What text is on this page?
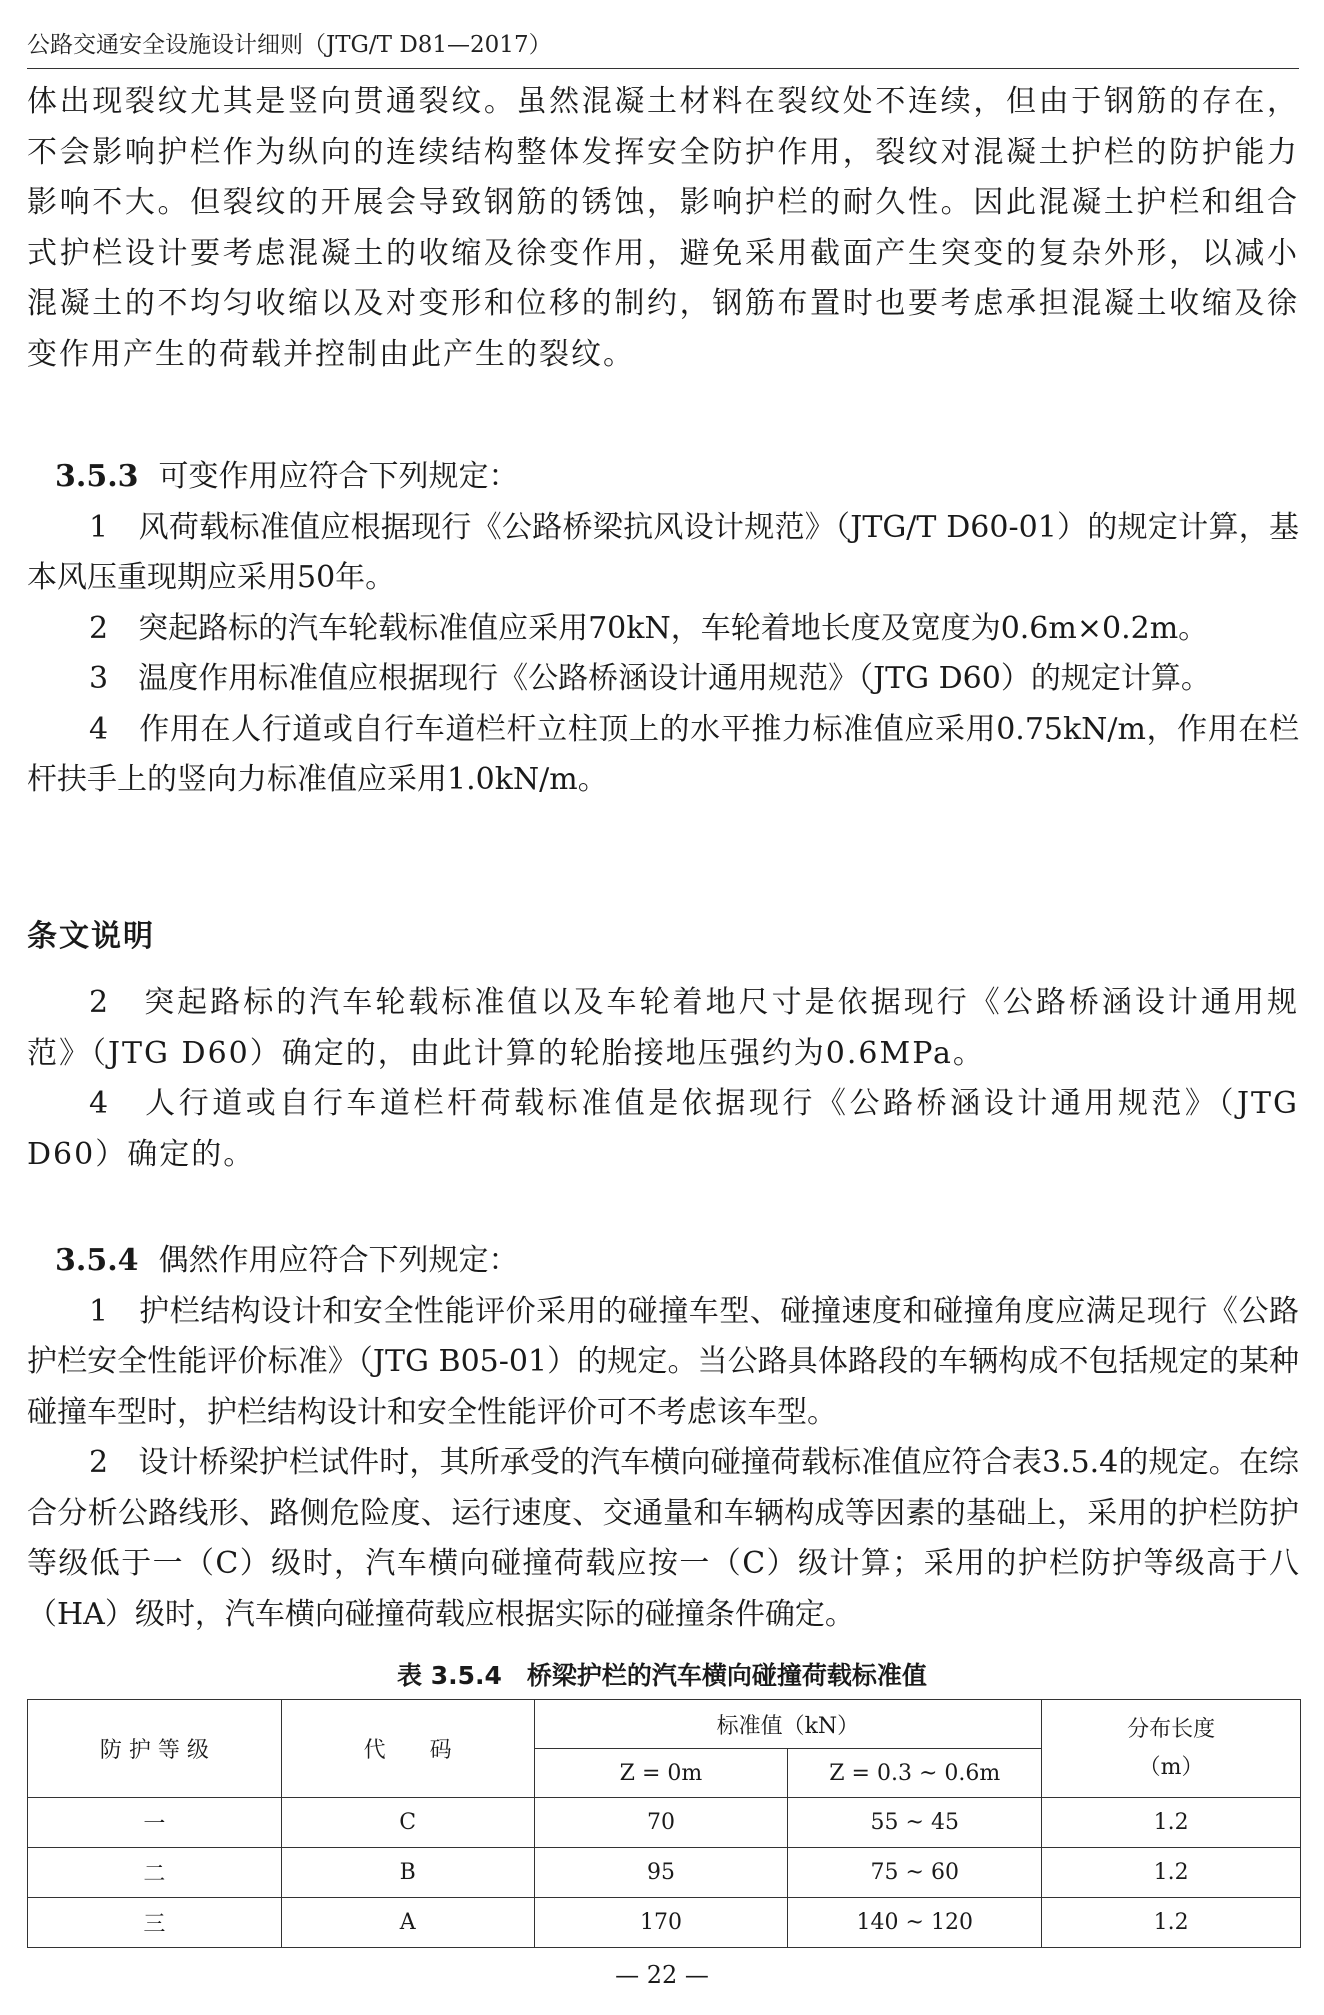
公路交通安全设施设计细则（JTG/T D81—2017）

体出现裂纹尤其是竖向贯通裂纹。虽然混凝土材料在裂纹处不连续，但由于钢筋的存在，不会影响护栏作为纵向的连续结构整体发挥安全防护作用，裂纹对混凝土护栏的防护能力影响不大。但裂纹的开展会导致钢筋的锈蚀，影响护栏的耐久性。因此混凝土护栏和组合式护栏设计要考虑混凝土的收缩及徐变作用，避免采用截面产生突变的复杂外形，以减小混凝土的不均匀收缩以及对变形和位移的制约，钢筋布置时也要考虑承担混凝土收缩及徐变作用产生的荷载并控制由此产生的裂纹。

3.5.3 可变作用应符合下列规定：

1　风荷载标准值应根据现行《公路桥梁抗风设计规范》（JTG/T D60-01）的规定计算，基本风压重现期应采用50年。

2　突起路标的汽车轮载标准值应采用70kN，车轮着地长度及宽度为0.6m×0.2m。

3　温度作用标准值应根据现行《公路桥涵设计通用规范》（JTG D60）的规定计算。

4　作用在人行道或自行车道栏杆立柱顶上的水平推力标准值应采用0.75kN/m，作用在栏杆扶手上的竖向力标准值应采用1.0kN/m。

条文说明

2　突起路标的汽车轮载标准值以及车轮着地尺寸是依据现行《公路桥涵设计通用规范》（JTG D60）确定的，由此计算的轮胎接地压强约为0.6MPa。

4　人行道或自行车道栏杆荷载标准值是依据现行《公路桥涵设计通用规范》（JTG D60）确定的。

3.5.4 偶然作用应符合下列规定：

1　护栏结构设计和安全性能评价采用的碰撞车型、碰撞速度和碰撞角度应满足现行《公路护栏安全性能评价标准》（JTG B05-01）的规定。当公路具体路段的车辆构成不包括规定的某种碰撞车型时，护栏结构设计和安全性能评价可不考虑该车型。

2　设计桥梁护栏试件时，其所承受的汽车横向碰撞荷载标准值应符合表3.5.4的规定。在综合分析公路线形、路侧危险度、运行速度、交通量和车辆构成等因素的基础上，采用的护栏防护等级低于一（C）级时，汽车横向碰撞荷载应按一（C）级计算；采用的护栏防护等级高于八（HA）级时，汽车横向碰撞荷载应根据实际的碰撞条件确定。

表 3.5.4　桥梁护栏的汽车横向碰撞荷载标准值
防 护 等 级	代　　码	标准值（kN）		分布长度
（m）

		Z = 0m	Z = 0.3 ~ 0.6m	
一	C	70	55 ~ 45	1.2
二	B	95	75 ~ 60	1.2
三	A	170	140 ~ 120	1.2
— 22 —
